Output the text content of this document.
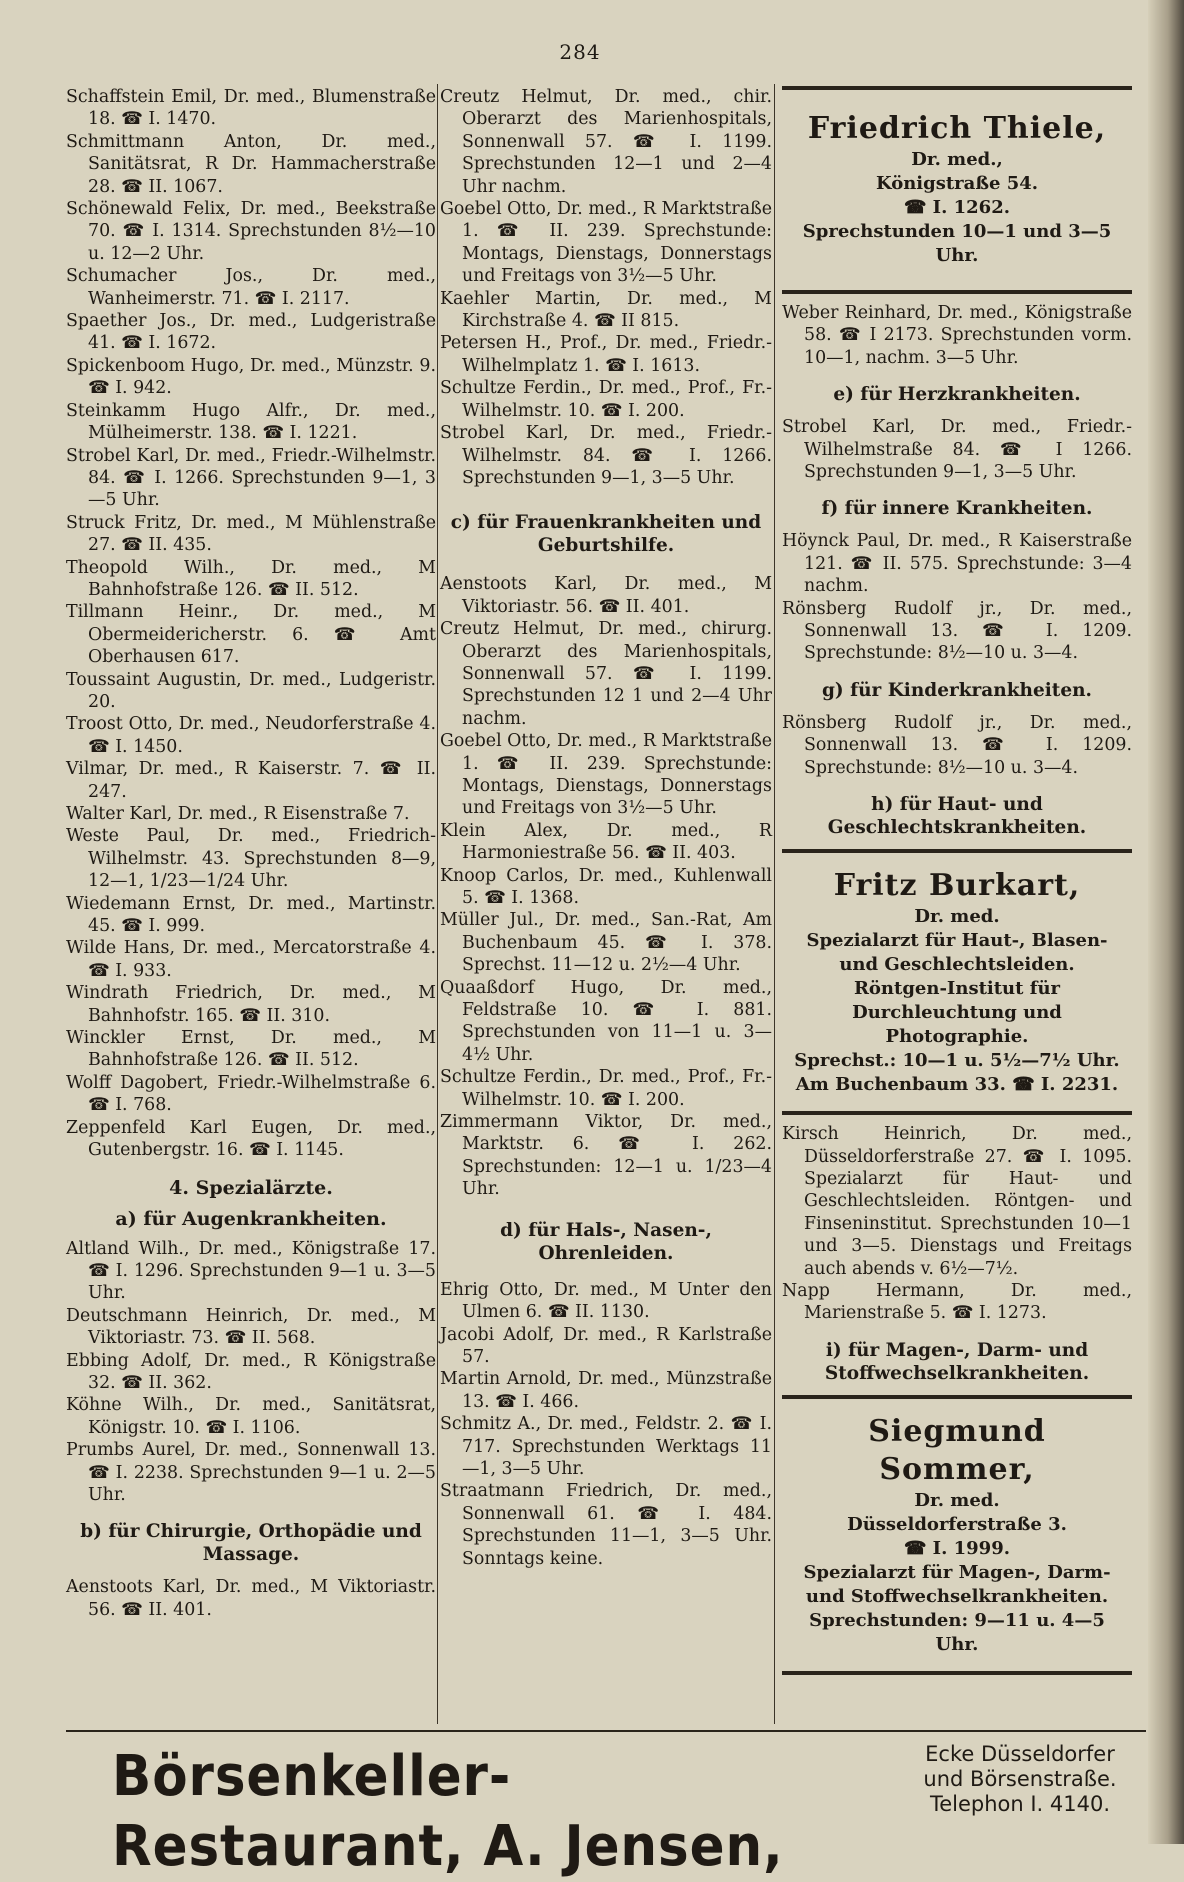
284

Schaffstein Emil, Dr. med., Blumenstraße 18. ☎ I. 1470.

Schmittmann Anton, Dr. med., Sanitätsrat, R Dr. Hammacherstraße 28. ☎ II. 1067.

Schönewald Felix, Dr. med., Beekstraße 70. ☎ I. 1314. Sprechstunden 8½—10 u. 12—2 Uhr.

Schumacher Jos., Dr. med., Wanheimerstr. 71. ☎ I. 2117.

Spaether Jos., Dr. med., Ludgeristraße 41. ☎ I. 1672.

Spickenboom Hugo, Dr. med., Münzstr. 9. ☎ I. 942.

Steinkamm Hugo Alfr., Dr. med., Mülheimerstr. 138. ☎ I. 1221.

Strobel Karl, Dr. med., Friedr.-Wilhelmstr. 84. ☎ I. 1266. Sprechstunden 9—1, 3—5 Uhr.

Struck Fritz, Dr. med., M Mühlenstraße 27. ☎ II. 435.

Theopold Wilh., Dr. med., M Bahnhofstraße 126. ☎ II. 512.

Tillmann Heinr., Dr. med., M Obermeidericherstr. 6. ☎ Amt Oberhausen 617.

Toussaint Augustin, Dr. med., Ludgeristr. 20.

Troost Otto, Dr. med., Neudorferstraße 4. ☎ I. 1450.

Vilmar, Dr. med., R Kaiserstr. 7. ☎ II. 247.

Walter Karl, Dr. med., R Eisenstraße 7.

Weste Paul, Dr. med., Friedrich-Wilhelmstr. 43. Sprechstunden 8—9, 12—1, 1/23—1/24 Uhr.

Wiedemann Ernst, Dr. med., Martinstr. 45. ☎ I. 999.

Wilde Hans, Dr. med., Mercatorstraße 4. ☎ I. 933.

Windrath Friedrich, Dr. med., M Bahnhofstr. 165. ☎ II. 310.

Winckler Ernst, Dr. med., M Bahnhofstraße 126. ☎ II. 512.

Wolff Dagobert, Friedr.-Wilhelmstraße 6. ☎ I. 768.

Zeppenfeld Karl Eugen, Dr. med., Gutenbergstr. 16. ☎ I. 1145.

4. Spezialärzte.
a) für Augenkrankheiten.

Altland Wilh., Dr. med., Königstraße 17. ☎ I. 1296. Sprechstunden 9—1 u. 3—5 Uhr.

Deutschmann Heinrich, Dr. med., M Viktoriastr. 73. ☎ II. 568.

Ebbing Adolf, Dr. med., R Königstraße 32. ☎ II. 362.

Köhne Wilh., Dr. med., Sanitätsrat, Königstr. 10. ☎ I. 1106.

Prumbs Aurel, Dr. med., Sonnenwall 13. ☎ I. 2238. Sprechstunden 9—1 u. 2—5 Uhr.

b) für Chirurgie, Orthopädie und Massage.

Aenstoots Karl, Dr. med., M Viktoriastr. 56. ☎ II. 401.

Creutz Helmut, Dr. med., chir. Oberarzt des Marienhospitals, Sonnenwall 57. ☎ I. 1199. Sprechstunden 12—1 und 2—4 Uhr nachm.

Goebel Otto, Dr. med., R Marktstraße 1. ☎ II. 239. Sprechstunde: Montags, Dienstags, Donnerstags und Freitags von 3½—5 Uhr.

Kaehler Martin, Dr. med., M Kirchstraße 4. ☎ II 815.

Petersen H., Prof., Dr. med., Friedr.-Wilhelmplatz 1. ☎ I. 1613.

Schultze Ferdin., Dr. med., Prof., Fr.-Wilhelmstr. 10. ☎ I. 200.

Strobel Karl, Dr. med., Friedr.-Wilhelmstr. 84. ☎ I. 1266. Sprechstunden 9—1, 3—5 Uhr.

c) für Frauenkrankheiten und Geburtshilfe.

Aenstoots Karl, Dr. med., M Viktoriastr. 56. ☎ II. 401.

Creutz Helmut, Dr. med., chirurg. Oberarzt des Marienhospitals, Sonnenwall 57. ☎ I. 1199. Sprechstunden 12 1 und 2—4 Uhr nachm.

Goebel Otto, Dr. med., R Marktstraße 1. ☎ II. 239. Sprechstunde: Montags, Dienstags, Donnerstags und Freitags von 3½—5 Uhr.

Klein Alex, Dr. med., R Harmoniestraße 56. ☎ II. 403.

Knoop Carlos, Dr. med., Kuhlenwall 5. ☎ I. 1368.

Müller Jul., Dr. med., San.-Rat, Am Buchenbaum 45. ☎ I. 378. Sprechst. 11—12 u. 2½—4 Uhr.

Quaaßdorf Hugo, Dr. med., Feldstraße 10. ☎ I. 881. Sprechstunden von 11—1 u. 3—4½ Uhr.

Schultze Ferdin., Dr. med., Prof., Fr.-Wilhelmstr. 10. ☎ I. 200.

Zimmermann Viktor, Dr. med., Marktstr. 6. ☎ I. 262. Sprechstunden: 12—1 u. 1/23—4 Uhr.

d) für Hals-, Nasen-, Ohrenleiden.

Ehrig Otto, Dr. med., M Unter den Ulmen 6. ☎ II. 1130.

Jacobi Adolf, Dr. med., R Karlstraße 57.

Martin Arnold, Dr. med., Münzstraße 13. ☎ I. 466.

Schmitz A., Dr. med., Feldstr. 2. ☎ I. 717. Sprechstunden Werktags 11—1, 3—5 Uhr.

Straatmann Friedrich, Dr. med., Sonnenwall 61. ☎ I. 484. Sprechstunden 11—1, 3—5 Uhr. Sonntags keine.

Friedrich Thiele,
Dr. med.,
Königstraße 54.
☎ I. 1262.
Sprechstunden 10—1 und 3—5 Uhr.

Weber Reinhard, Dr. med., Königstraße 58. ☎ I 2173. Sprechstunden vorm. 10—1, nachm. 3—5 Uhr.

e) für Herzkrankheiten.

Strobel Karl, Dr. med., Friedr.-Wilhelmstraße 84. ☎ I 1266. Sprechstunden 9—1, 3—5 Uhr.

f) für innere Krankheiten.

Höynck Paul, Dr. med., R Kaiserstraße 121. ☎ II. 575. Sprechstunde: 3—4 nachm.

Rönsberg Rudolf jr., Dr. med., Sonnenwall 13. ☎ I. 1209. Sprechstunde: 8½—10 u. 3—4.

g) für Kinderkrankheiten.

Rönsberg Rudolf jr., Dr. med., Sonnenwall 13. ☎ I. 1209. Sprechstunde: 8½—10 u. 3—4.

h) für Haut- und Geschlechtskrankheiten.
Fritz Burkart,
Dr. med.
Spezialarzt für Haut-, Blasen- und Geschlechtsleiden.
Röntgen-Institut für Durchleuchtung und Photographie.
Sprechst.: 10—1 u. 5½—7½ Uhr.
Am Buchenbaum 33. ☎ I. 2231.

Kirsch Heinrich, Dr. med., Düsseldorferstraße 27. ☎ I. 1095. Spezialarzt für Haut- und Geschlechtsleiden. Röntgen- und Finseninstitut. Sprechstunden 10—1 und 3—5. Dienstags und Freitags auch abends v. 6½—7½.

Napp Hermann, Dr. med., Marienstraße 5. ☎ I. 1273.

i) für Magen-, Darm- und Stoffwechselkrankheiten.
Siegmund Sommer,
Dr. med.
Düsseldorferstraße 3.
☎ I. 1999.
Spezialarzt für Magen-, Darm- und Stoffwechselkrankheiten.
Sprechstunden: 9—11 u. 4—5 Uhr.
Börsenkeller-Restaurant, A. Jensen,
Ecke Düsseldorfer
und Börsenstraße.
Telephon I. 4140.
